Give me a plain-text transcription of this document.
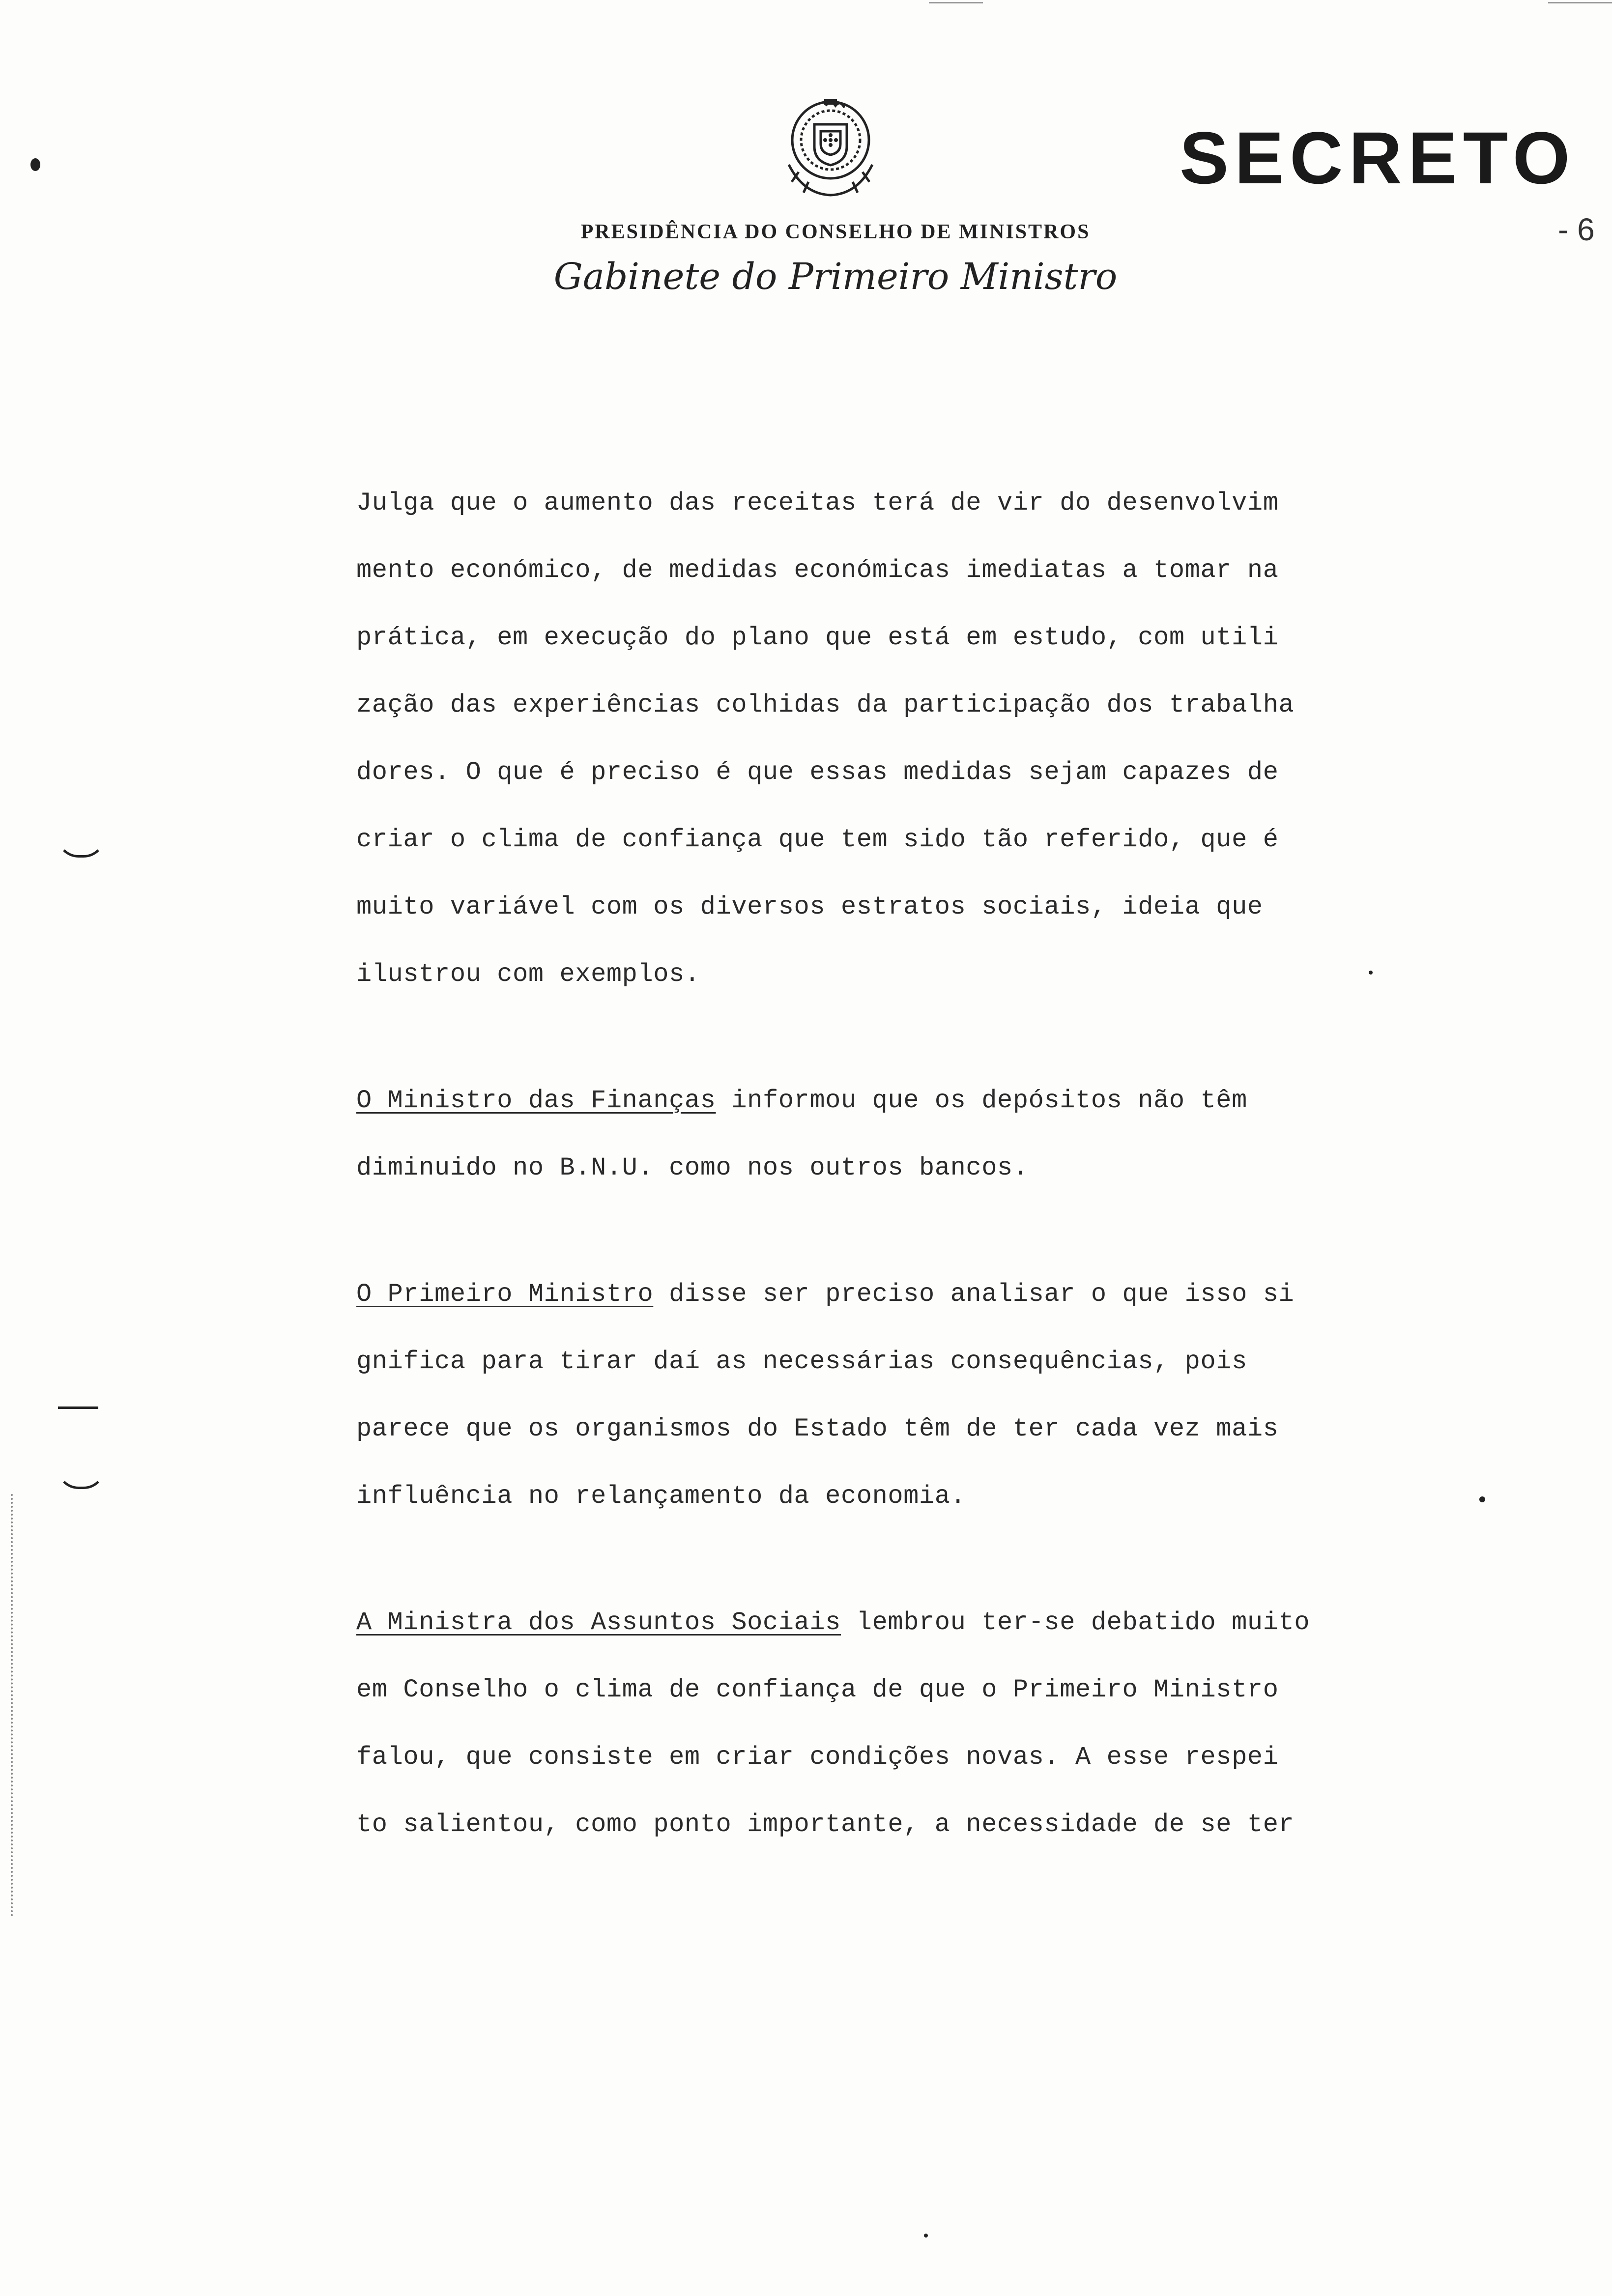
SECRETO
- 6
PRESIDÊNCIA DO CONSELHO DE MINISTROS
Gabinete do Primeiro Ministro
Julga que o aumento das receitas terá de vir do desenvolvim
mento económico, de medidas económicas imediatas a tomar na
prática, em execução do plano que está em estudo, com utili
zação das experiências colhidas da participação dos trabalha
dores. O que é preciso é que essas medidas sejam capazes de
criar o clima de confiança que tem sido tão referido, que é
muito variável com os diversos estratos sociais, ideia que
ilustrou com exemplos.
O Ministro das Finanças informou que os depósitos não têm
diminuido no B.N.U. como nos outros bancos.
O Primeiro Ministro disse ser preciso analisar o que isso si
gnifica para tirar daí as necessárias consequências, pois
parece que os organismos do Estado têm de ter cada vez mais
influência no relançamento da economia.
A Ministra dos Assuntos Sociais lembrou ter-se debatido muito
em Conselho o clima de confiança de que o Primeiro Ministro
falou, que consiste em criar condições novas. A esse respei
to salientou, como ponto importante, a necessidade de se ter
